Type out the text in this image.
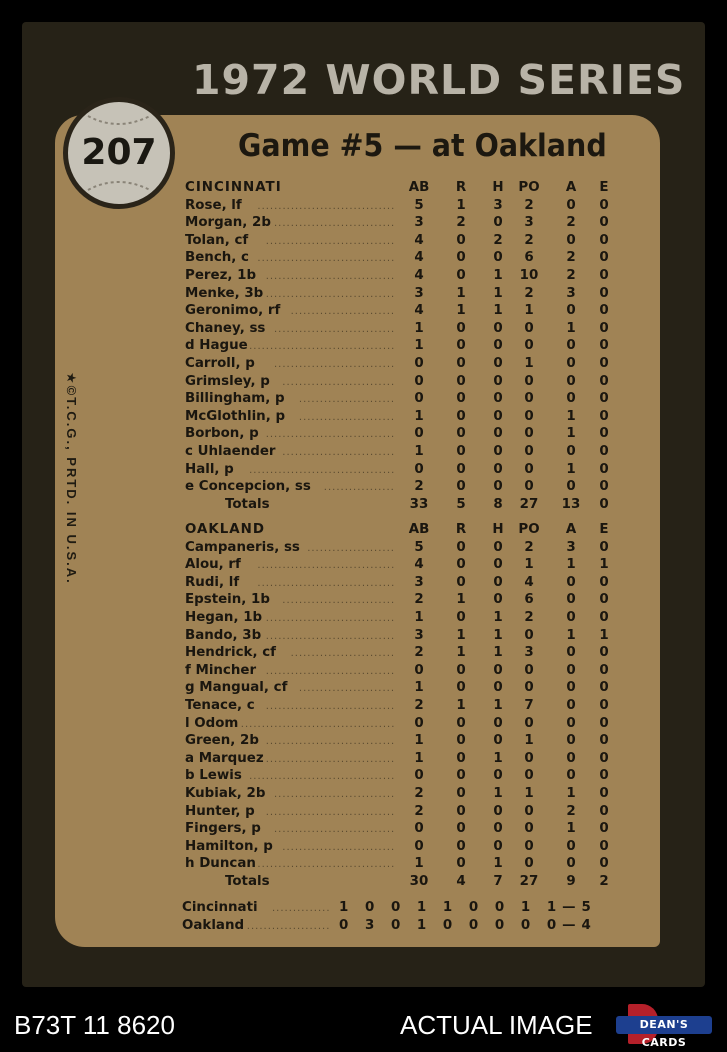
1972 WORLD SERIES
207	Game #5 — at Oakland
★©T.C.G., PRTD. IN U.S.A.
CINCINNATI	AB	R	H	PO	A	E
Rose, lf .................................	5	1	3	2	0	0
Morgan, 2b .............................	3	2	0	3	2	0
Tolan, cf ...............................	4	0	2	2	0	0
Bench, c .................................	4	0	0	6	2	0
Perez, 1b ...............................	4	0	1	10	2	0
Menke, 3b ...............................	3	1	1	2	3	0
Geronimo, rf .........................	4	1	1	1	0	0
Chaney, ss .............................	1	0	0	0	1	0
d Hague ...................................	1	0	0	0	0	0
Carroll, p .............................	0	0	0	1	0	0
Grimsley, p ...........................	0	0	0	0	0	0
Billingham, p .......................	0	0	0	0	0	0
McGlothlin, p .......................	1	0	0	0	1	0
Borbon, p ...............................	0	0	0	0	1	0
c Uhlaender ...........................	1	0	0	0	0	0
Hall, p ...................................	0	0	0	0	1	0
e Concepcion, ss .................	2	0	0	0	0	0
Totals	33	5	8	27 13	0
OAKLAND	AB	R	H	PO	A	E
Campaneris, ss .....................	5	0	0	2	3	0
Alou, rf .................................	4	0	0	1	1	1
Rudi, lf .................................	3	0	0	4	0	0
Epstein, 1b ...........................	2	1	0	6	0	0
Hegan, 1b ...............................	1	0	1	2	0	0
Bando, 3b ...............................	3	1	1	0	1	1
Hendrick, cf .........................	2	1	1	3	0	0
f Mincher ...............................	0	0	0	0	0	0
g Mangual, cf .......................	1	0	0	0	0	0
Tenace, c ...............................	2	1	1	7	0	0
l Odom .....................................	0	0	0	0	0	0
Green, 2b ...............................	1	0	0	1	0	0
a Marquez ...............................	1	0	1	0	0	0
b Lewis ...................................	0	0	0	0	0	0
Kubiak, 2b .............................	2	0	1	1	1	0
Hunter, p ...............................	2	0	0	0	2	0
Fingers, p .............................	0	0	0	0	1	0
Hamilton, p ...........................	0	0	0	0	0	0
h Duncan .................................	1	0	1	0	0	0
Totals	30	4	7	27	9	2
Cincinnati .............. 1 0 0 1 1 0 0 1 1—5
Oakland .................... 0 3 0 1 0 0 0 0 0—4
B73T 11 8620	ACTUAL IMAGE	DEAN'S CARDS
